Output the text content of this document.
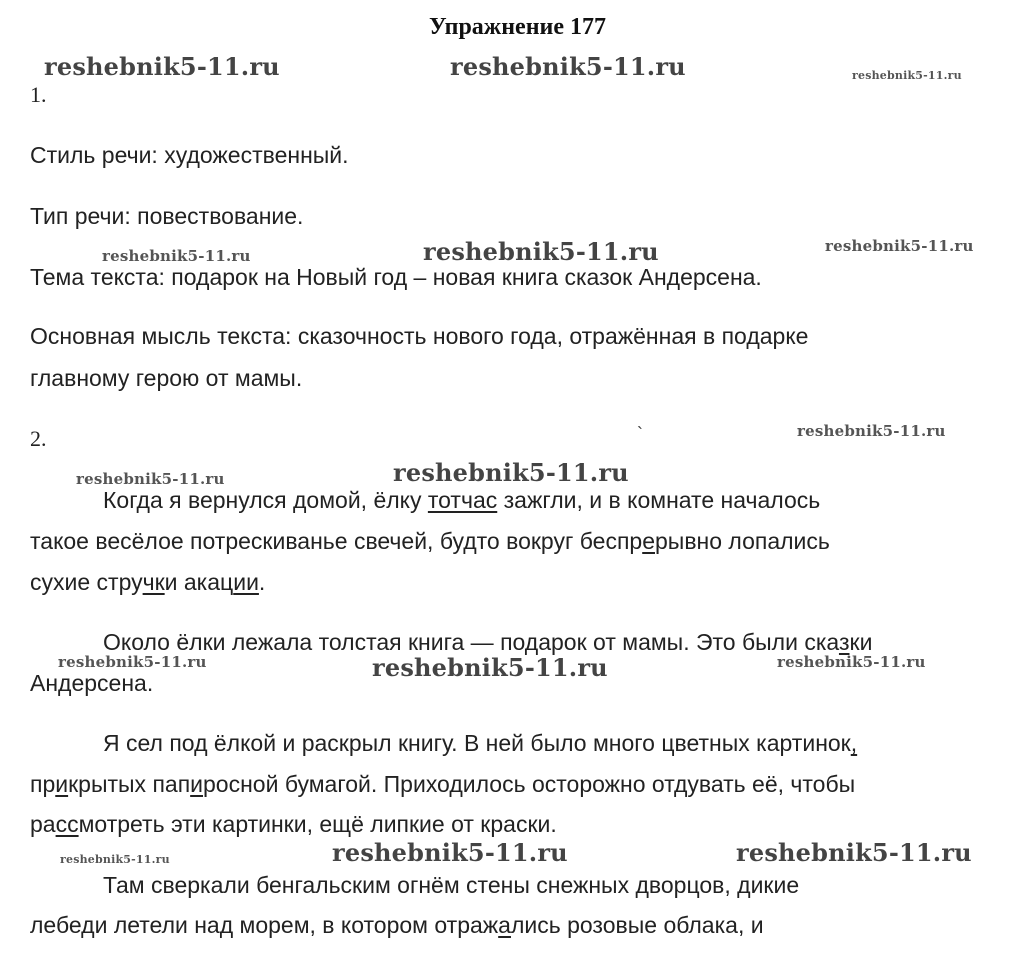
Упражнение 177
reshebnik5-11.ru	reshebnik5-11.ru	reshebnik5-11.ru
reshebnik5-11.ru	reshebnik5-11.ru	reshebnik5-11.ru
reshebnik5-11.ru
reshebnik5-11.ru	reshebnik5-11.ru
reshebnik5-11.ru	reshebnik5-11.ru	reshebnik5-11.ru
reshebnik5-11.ru	reshebnik5-11.ru	reshebnik5-11.ru
1.
Стиль речи: художественный.
Тип речи: повествование.
Тема текста: подарок на Новый год – новая книга сказок Андерсена.
Основная мысль текста: сказочность нового года, отражённая в подарке
главному герою от мамы.
2.	`
Когда я вернулся домой, ёлку тотчас зажгли, и в комнате началось
такое весёлое потрескиванье свечей, будто вокруг беспрерывно лопались
сухие стручки акации.
Около ёлки лежала толстая книга — подарок от мамы. Это были сказки
Андерсена.
Я сел под ёлкой и раскрыл книгу. В ней было много цветных картинок,
прикрытых папиросной бумагой. Приходилось осторожно отдувать её, чтобы
рассмотреть эти картинки, ещё липкие от краски.
Там сверкали бенгальским огнём стены снежных дворцов, дикие
лебеди летели над морем, в котором отражались розовые облака, и
